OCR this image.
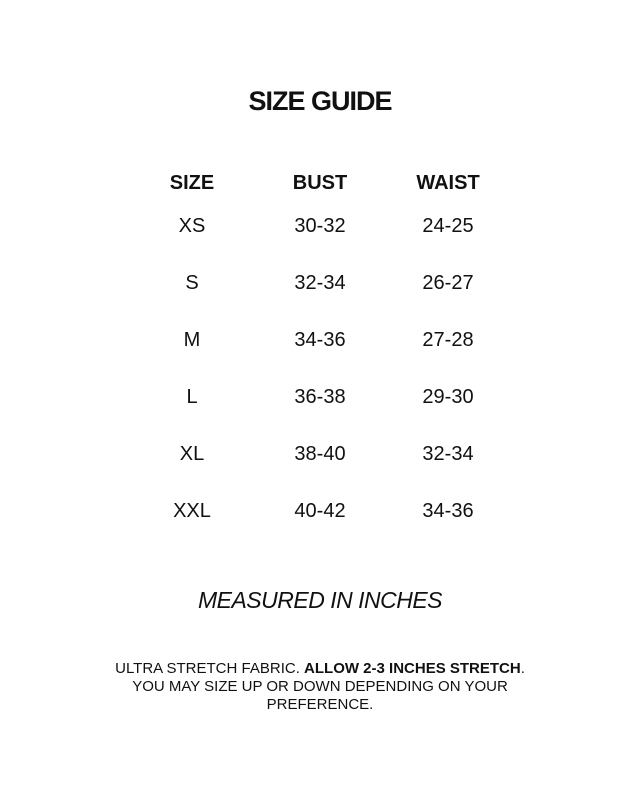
SIZE GUIDE
SIZE	BUST	WAIST
XS	30-32	24-25
S	32-34	26-27
M	34-36	27-28
L	36-38	29-30
XL	38-40	32-34
XXL	40-42	34-36

MEASURED IN INCHES

ULTRA STRETCH FABRIC. ALLOW 2-3 INCHES STRETCH. YOU MAY SIZE UP OR DOWN DEPENDING ON YOUR PREFERENCE.
